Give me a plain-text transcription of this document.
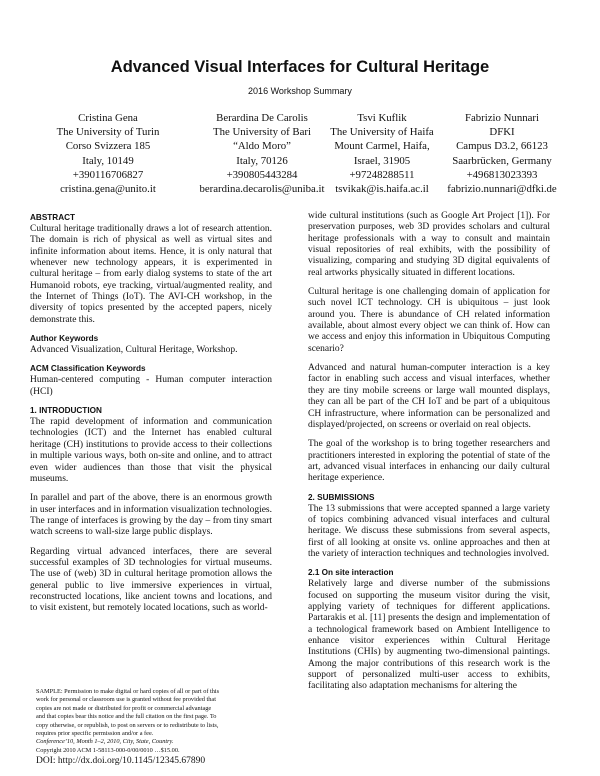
Advanced Visual Interfaces for Cultural Heritage
2016 Workshop Summary
Cristina Gena
The University of Turin
Corso Svizzera 185
Italy, 10149
+390116706827
cristina.gena@unito.it
Berardina De Carolis
The University of Bari
“Aldo Moro”
Italy, 70126
+390805443284
berardina.decarolis@uniba.it
Tsvi Kuflik
The University of Haifa
Mount Carmel, Haifa,
Israel, 31905
+97248288511
tsvikak@is.haifa.ac.il
Fabrizio Nunnari
DFKI
Campus D3.2, 66123
Saarbrücken, Germany
+496813023393
fabrizio.nunnari@dfki.de
ABSTRACT

Cultural heritage traditionally draws a lot of research attention. The domain is rich of physical as well as virtual sites and infinite information about items. Hence, it is only natural that whenever new technology appears, it is experimented in cultural heritage – from early dialog systems to state of the art Humanoid robots, eye tracking, virtual/augmented reality, and the Internet of Things (IoT). The AVI-CH workshop, in the diversity of topics presented by the accepted papers, nicely demonstrate this.

Author Keywords

Advanced Visualization, Cultural Heritage, Workshop.

ACM Classification Keywords

Human-centered computing - Human computer interaction (HCI)

1. INTRODUCTION

The rapid development of information and communication technologies (ICT) and the Internet has enabled cultural heritage (CH) institutions to provide access to their collections in multiple various ways, both on-site and online, and to attract even wider audiences than those that visit the physical museums.

In parallel and part of the above, there is an enormous growth in user interfaces and in information visualization technologies. The range of interfaces is growing by the day – from tiny smart watch screens to wall-size large public displays.

Regarding virtual advanced interfaces, there are several successful examples of 3D technologies for virtual museums. The use of (web) 3D in cultural heritage promotion allows the general public to live immersive experiences in virtual, reconstructed locations, like ancient towns and locations, and to visit existent, but remotely located locations, such as world-

wide cultural institutions (such as Google Art Project [1]). For preservation purposes, web 3D provides scholars and cultural heritage professionals with a way to consult and maintain visual repositories of real exhibits, with the possibility of visualizing, comparing and studying 3D digital equivalents of real artworks physically situated in different locations.

Cultural heritage is one challenging domain of application for such novel ICT technology. CH is ubiquitous – just look around you. There is abundance of CH related information available, about almost every object we can think of. How can we access and enjoy this information in Ubiquitous Computing scenario?

Advanced and natural human-computer interaction is a key factor in enabling such access and visual interfaces, whether they are tiny mobile screens or large wall mounted displays, they can all be part of the CH IoT and be part of a ubiquitous CH infrastructure, where information can be personalized and displayed/projected, on screens or overlaid on real objects.

The goal of the workshop is to bring together researchers and practitioners interested in exploring the potential of state of the art, advanced visual interfaces in enhancing our daily cultural heritage experience.

2. SUBMISSIONS

The 13 submissions that were accepted spanned a large variety of topics combining advanced visual interfaces and cultural heritage. We discuss these submissions from several aspects, first of all looking at onsite vs. online approaches and then at the variety of interaction techniques and technologies involved.

2.1 On site interaction

Relatively large and diverse number of the submissions focused on supporting the museum visitor during the visit, applying variety of techniques for different applications. Partarakis et al. [11] presents the design and implementation of a technological framework based on Ambient Intelligence to enhance visitor experiences within Cultural Heritage Institutions (CHIs) by augmenting two-dimensional paintings. Among the major contributions of this research work is the support of personalized multi-user access to exhibits, facilitating also adaptation mechanisms for altering the

SAMPLE: Permission to make digital or hard copies of all or part of this
work for personal or classroom use is granted without fee provided that
copies are not made or distributed for profit or commercial advantage
and that copies bear this notice and the full citation on the first page. To
copy otherwise, or republish, to post on servers or to redistribute to lists,
requires prior specific permission and/or a fee.
Conference’10, Month 1–2, 2010, City, State, Country.
Copyright 2010 ACM 1-58113-000-0/00/0010 …$15.00.
DOI: http://dx.doi.org/10.1145/12345.67890
